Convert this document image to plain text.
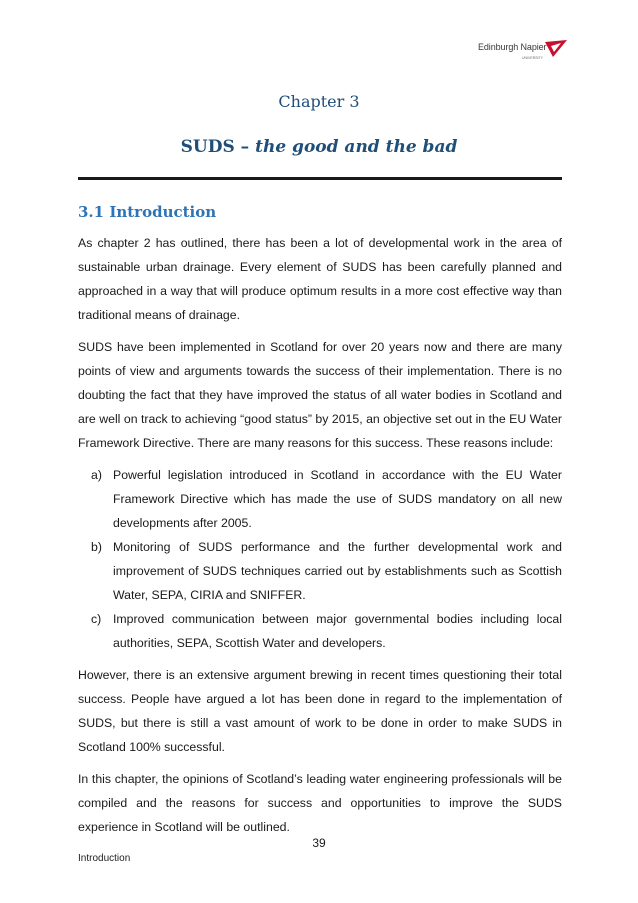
Edinburgh Napier
UNIVERSITY
Chapter 3
SUDS – the good and the bad
3.1 Introduction

As chapter 2 has outlined, there has been a lot of developmental work in the area of sustainable urban drainage. Every element of SUDS has been carefully planned and approached in a way that will produce optimum results in a more cost effective way than traditional means of drainage.

SUDS have been implemented in Scotland for over 20 years now and there are many points of view and arguments towards the success of their implementation. There is no doubting the fact that they have improved the status of all water bodies in Scotland and are well on track to achieving “good status” by 2015, an objective set out in the EU Water Framework Directive. There are many reasons for this success. These reasons include:

a) Powerful legislation introduced in Scotland in accordance with the EU Water Framework Directive which has made the use of SUDS mandatory on all new developments after 2005.
b) Monitoring of SUDS performance and the further developmental work and improvement of SUDS techniques carried out by establishments such as Scottish Water, SEPA, CIRIA and SNIFFER.
c) Improved communication between major governmental bodies including local authorities, SEPA, Scottish Water and developers.

However, there is an extensive argument brewing in recent times questioning their total success. People have argued a lot has been done in regard to the implementation of SUDS, but there is still a vast amount of work to be done in order to make SUDS in Scotland 100% successful.

In this chapter, the opinions of Scotland’s leading water engineering professionals will be compiled and the reasons for success and opportunities to improve the SUDS experience in Scotland will be outlined.

39
Introduction
